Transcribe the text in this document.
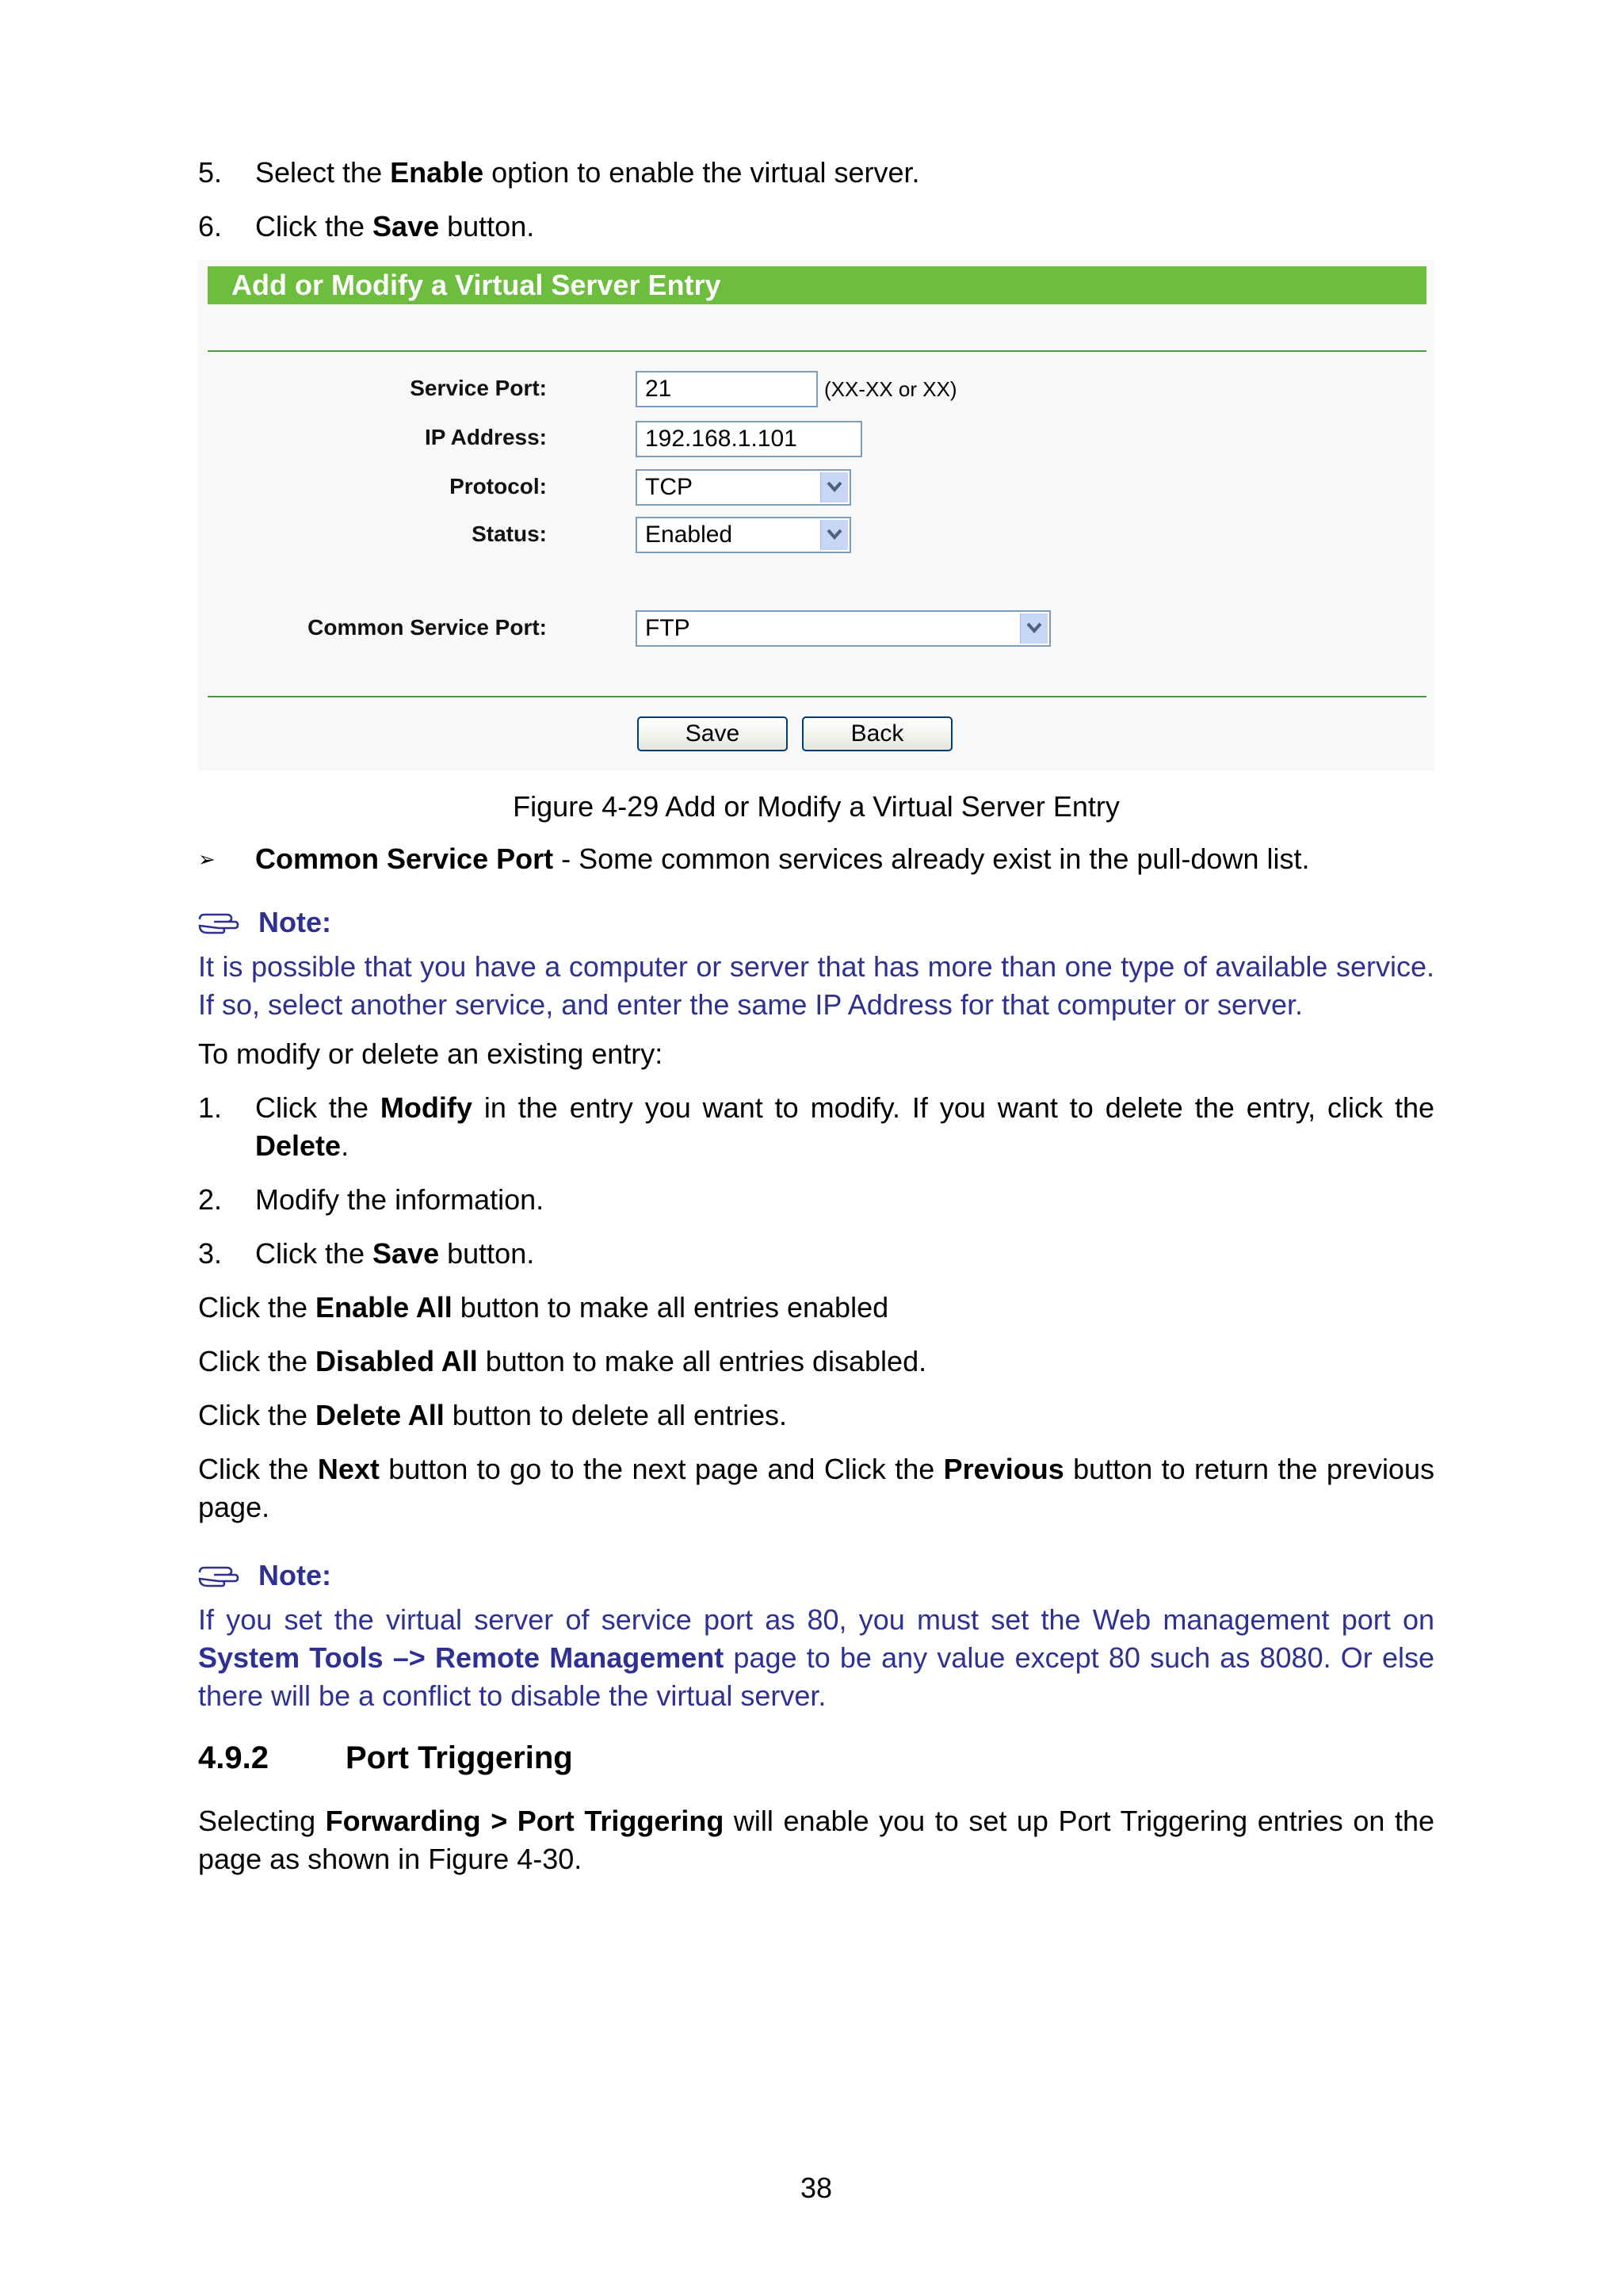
5. Select the Enable option to enable the virtual server.
6. Click the Save button.
Add or Modify a Virtual Server Entry
Service Port:	21	(XX-XX or XX)
IP Address:	192.168.1.101
Protocol:	TCP
Status:	Enabled
Common Service Port:	FTP
Save	Back
Figure 4-29 Add or Modify a Virtual Server Entry
➢ Common Service Port - Some common services already exist in the pull-down list.
Note:

It is possible that you have a computer or server that has more than one type of available service. If so, select another service, and enter the same IP Address for that computer or server.

To modify or delete an existing entry:

1. Click the Modify in the entry you want to modify. If you want to delete the entry, click the Delete.
2. Modify the information.
3. Click the Save button.

Click the Enable All button to make all entries enabled

Click the Disabled All button to make all entries disabled.

Click the Delete All button to delete all entries.

Click the Next button to go to the next page and Click the Previous button to return the previous page.

Note:

If you set the virtual server of service port as 80, you must set the Web management port on System Tools –> Remote Management page to be any value except 80 such as 8080. Or else there will be a conflict to disable the virtual server.

4.9.2 Port Triggering

Selecting Forwarding > Port Triggering will enable you to set up Port Triggering entries on the page as shown in Figure 4-30.

38
